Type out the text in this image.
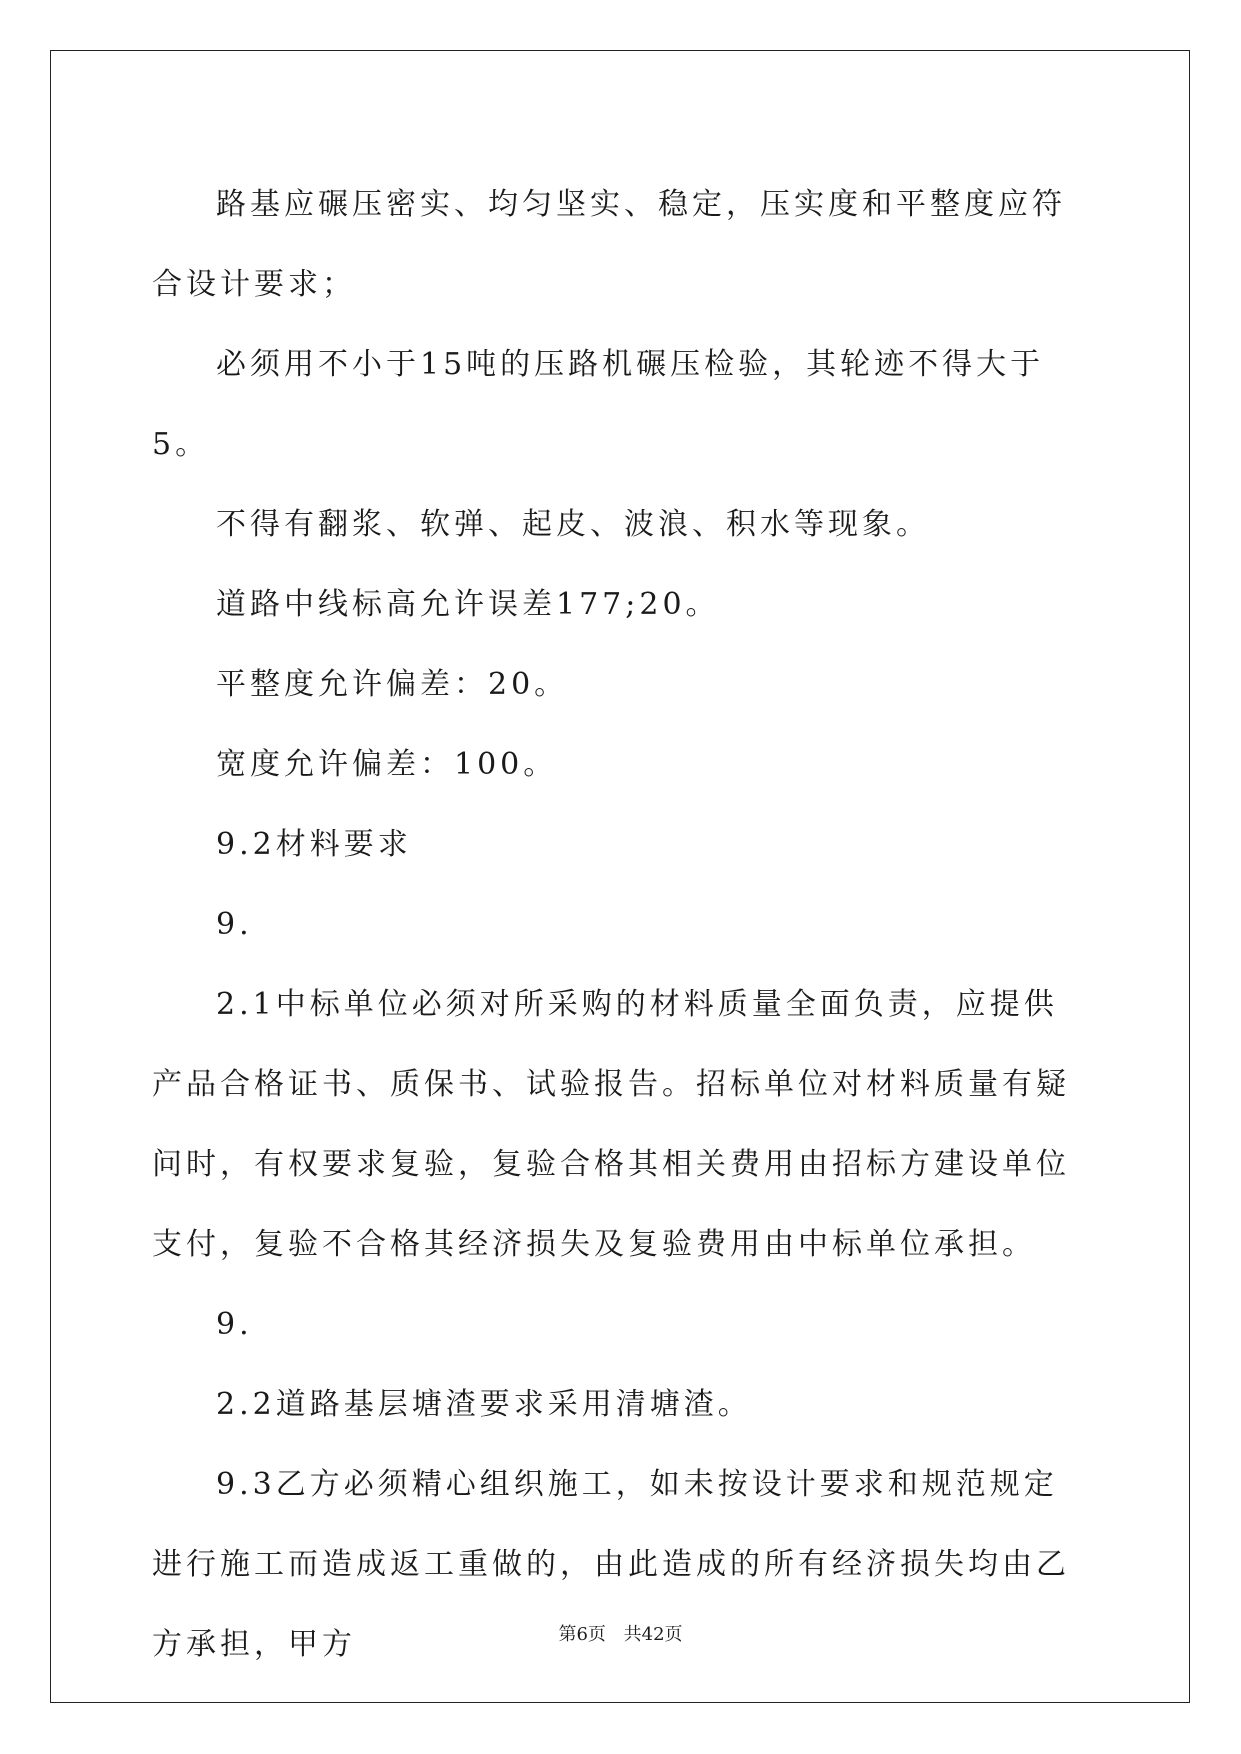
路基应碾压密实、均匀坚实、稳定，压实度和平整度应符合设计要求；

必须用不小于15吨的压路机碾压检验，其轮迹不得大于5。

不得有翻浆、软弹、起皮、波浪、积水等现象。

道路中线标高允许误差177;20。

平整度允许偏差：20。

宽度允许偏差：100。

9.2材料要求

9.

2.1中标单位必须对所采购的材料质量全面负责，应提供产品合格证书、质保书、试验报告。招标单位对材料质量有疑问时，有权要求复验，复验合格其相关费用由招标方建设单位支付，复验不合格其经济损失及复验费用由中标单位承担。

9.

2.2道路基层塘渣要求采用清塘渣。

9.3乙方必须精心组织施工，如未按设计要求和规范规定进行施工而造成返工重做的，由此造成的所有经济损失均由乙方承担，甲方	第6页 共42页
